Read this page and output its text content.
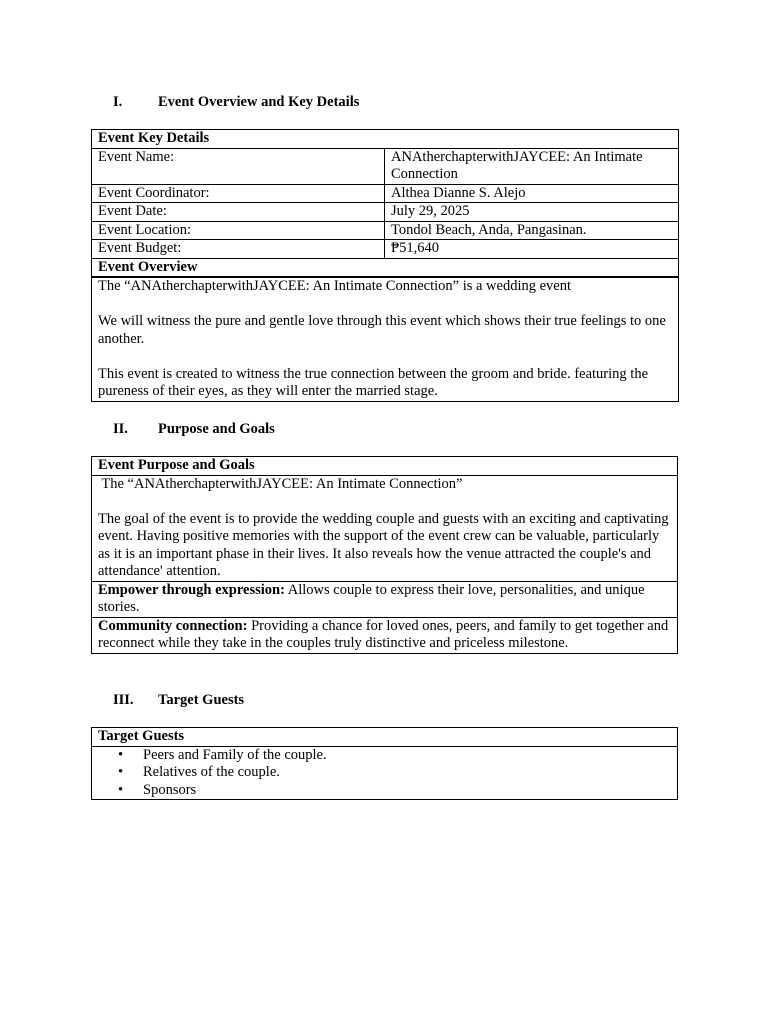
I. Event Overview and Key Details
Event Key Details	
Event Name:	ANAtherchapterwithJAYCEE: An Intimate Connection
Event Coordinator:	Althea Dianne S. Alejo
Event Date:	July 29, 2025
Event Location:	Tondol Beach, Anda, Pangasinan.
Event Budget:	₱51,640
Event Overview	

The “ANAtherchapterwithJAYCEE: An Intimate Connection” is a wedding event
We will witness the pure and gentle love through this event which shows their true feelings to one another.
This event is created to witness the true connection between the groom and bride. featuring the pureness of their eyes, as they will enter the married stage.	
II. Purpose and Goals
Event Purpose and Goals

The “ANAtherchapterwithJAYCEE: An Intimate Connection”
The goal of the event is to provide the wedding couple and guests with an exciting and captivating event. Having positive memories with the support of the event crew can be valuable, particularly as it is an important phase in their lives. It also reveals how the venue attracted the couple's and attendance' attention.

Empower through expression: Allows couple to express their love, personalities, and unique stories.
Community connection: Providing a chance for loved ones, peers, and family to get together and reconnect while they take in the couples truly distinctive and priceless milestone.
III. Target Guests
Target Guests

• Peers and Family of the couple.
• Relatives of the couple.
• Sponsors
